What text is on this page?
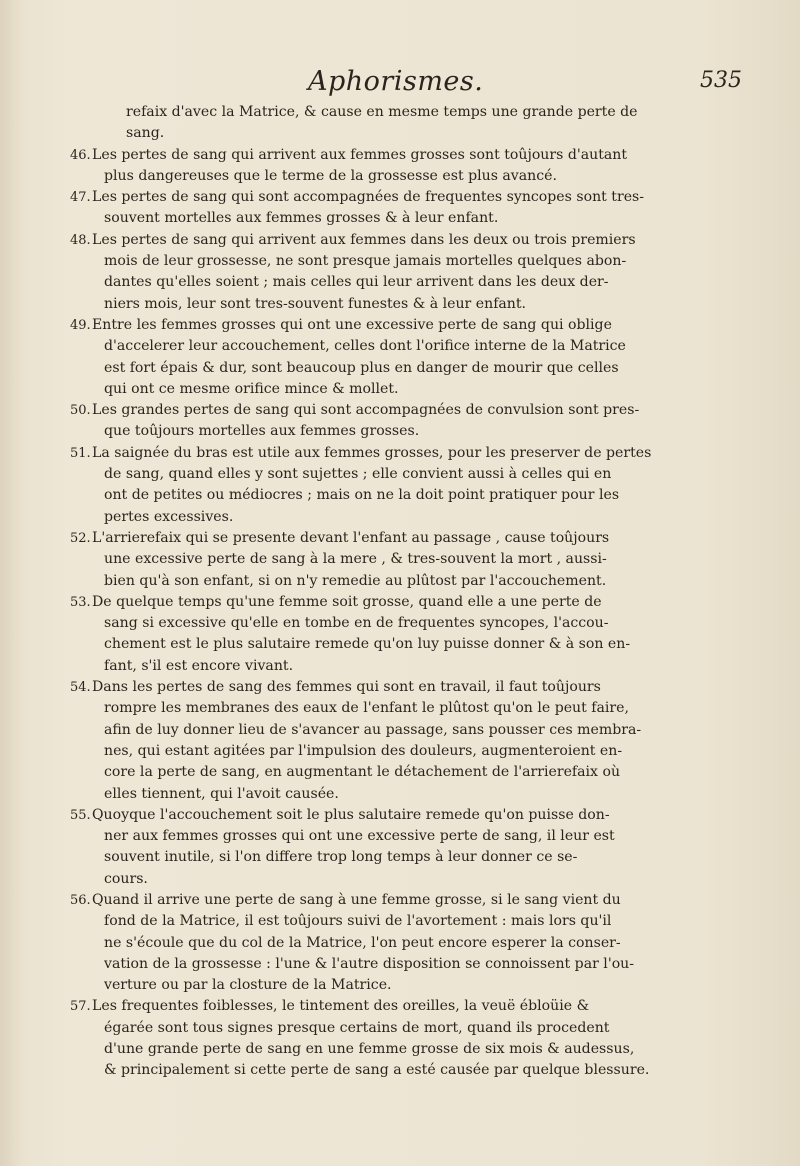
Aphorismes.	535
refaix d'avec la Matrice, & cause en mesme temps une grande perte de
sang.
46. Les pertes de sang qui arrivent aux femmes grosses sont toûjours d'autant
plus dangereuses que le terme de la grossesse est plus avancé.
47. Les pertes de sang qui sont accompagnées de frequentes syncopes sont tres-
souvent mortelles aux femmes grosses & à leur enfant.
48. Les pertes de sang qui arrivent aux femmes dans les deux ou trois premiers
mois de leur grossesse, ne sont presque jamais mortelles quelques abon-
dantes qu'elles soient ; mais celles qui leur arrivent dans les deux der-
niers mois, leur sont tres-souvent funestes & à leur enfant.
49. Entre les femmes grosses qui ont une excessive perte de sang qui oblige
d'accelerer leur accouchement, celles dont l'orifice interne de la Matrice
est fort épais & dur, sont beaucoup plus en danger de mourir que celles
qui ont ce mesme orifice mince & mollet.
50. Les grandes pertes de sang qui sont accompagnées de convulsion sont pres-
que toûjours mortelles aux femmes grosses.
51. La saignée du bras est utile aux femmes grosses, pour les preserver de pertes
de sang, quand elles y sont sujettes ; elle convient aussi à celles qui en
ont de petites ou médiocres ; mais on ne la doit point pratiquer pour les
pertes excessives.
52. L'arrierefaix qui se presente devant l'enfant au passage , cause toûjours
une excessive perte de sang à la mere , & tres-souvent la mort , aussi-
bien qu'à son enfant, si on n'y remedie au plûtost par l'accouchement.
53. De quelque temps qu'une femme soit grosse, quand elle a une perte de
sang si excessive qu'elle en tombe en de frequentes syncopes, l'accou-
chement est le plus salutaire remede qu'on luy puisse donner & à son en-
fant, s'il est encore vivant.
54. Dans les pertes de sang des femmes qui sont en travail, il faut toûjours
rompre les membranes des eaux de l'enfant le plûtost qu'on le peut faire,
afin de luy donner lieu de s'avancer au passage, sans pousser ces membra-
nes, qui estant agitées par l'impulsion des douleurs, augmenteroient en-
core la perte de sang, en augmentant le détachement de l'arrierefaix où
elles tiennent, qui l'avoit causée.
55. Quoyque l'accouchement soit le plus salutaire remede qu'on puisse don-
ner aux femmes grosses qui ont une excessive perte de sang, il leur est
souvent inutile, si l'on differe trop long temps à leur donner ce se-
cours.
56. Quand il arrive une perte de sang à une femme grosse, si le sang vient du
fond de la Matrice, il est toûjours suivi de l'avortement : mais lors qu'il
ne s'écoule que du col de la Matrice, l'on peut encore esperer la conser-
vation de la grossesse : l'une & l'autre disposition se connoissent par l'ou-
verture ou par la closture de la Matrice.
57. Les frequentes foiblesses, le tintement des oreilles, la veuë ébloüie &
égarée sont tous signes presque certains de mort, quand ils procedent
d'une grande perte de sang en une femme grosse de six mois & audessus,
& principalement si cette perte de sang a esté causée par quelque blessure.
